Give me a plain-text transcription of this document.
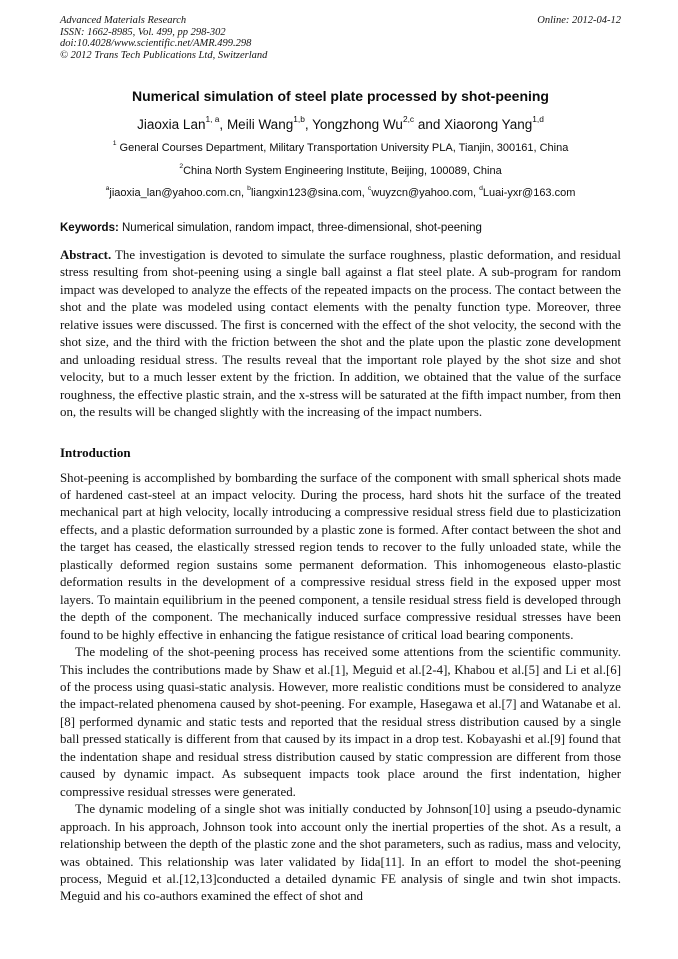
Advanced Materials Research
ISSN: 1662-8985, Vol. 499, pp 298-302
doi:10.4028/www.scientific.net/AMR.499.298
© 2012 Trans Tech Publications Ltd, Switzerland
Online: 2012-04-12
Numerical simulation of steel plate processed by shot-peening
Jiaoxia Lan$^{1, a}$, Meili Wang$^{1,b}$, Yongzhong Wu$^{2,c}$ and Xiaorong Yang$^{1,d}$
$^1$ General Courses Department, Military Transportation University PLA, Tianjin, 300161, China
$^2$China North System Engineering Institute, Beijing, 100089, China
$^a$jiaoxia_lan@yahoo.com.cn, $^b$liangxin123@sina.com, $^c$wuyzcn@yahoo.com, $^d$Luai-yxr@163.com
Keywords: Numerical simulation, random impact, three-dimensional, shot-peening

Abstract. The investigation is devoted to simulate the surface roughness, plastic deformation, and residual stress resulting from shot-peening using a single ball against a flat steel plate. A sub-program for random impact was developed to analyze the effects of the repeated impacts on the process. The contact between the shot and the plate was modeled using contact elements with the penalty function type. Moreover, three relative issues were discussed. The first is concerned with the effect of the shot velocity, the second with the shot size, and the third with the friction between the shot and the plate upon the plastic zone development and unloading residual stress. The results reveal that the important role played by the shot size and shot velocity, but to a much lesser extent by the friction. In addition, we obtained that the value of the surface roughness, the effective plastic strain, and the x-stress will be saturated at the fifth impact number, from then on, the results will be changed slightly with the increasing of the impact numbers.

Introduction

Shot-peening is accomplished by bombarding the surface of the component with small spherical shots made of hardened cast-steel at an impact velocity. During the process, hard shots hit the surface of the treated mechanical part at high velocity, locally introducing a compressive residual stress field due to plasticization effects, and a plastic deformation surrounded by a plastic zone is formed. After contact between the shot and the target has ceased, the elastically stressed region tends to recover to the fully unloaded state, while the plastically deformed region sustains some permanent deformation. This inhomogeneous elasto-plastic deformation results in the development of a compressive residual stress field in the exposed upper most layers. To maintain equilibrium in the peened component, a tensile residual stress field is developed through the depth of the component. The mechanically induced surface compressive residual stresses have been found to be highly effective in enhancing the fatigue resistance of critical load bearing components.

The modeling of the shot-peening process has received some attentions from the scientific community. This includes the contributions made by Shaw et al.[1], Meguid et al.[2-4], Khabou et al.[5] and Li et al.[6] of the process using quasi-static analysis. However, more realistic conditions must be considered to analyze the impact-related phenomena caused by shot-peening. For example, Hasegawa et al.[7] and Watanabe et al.[8] performed dynamic and static tests and reported that the residual stress distribution caused by a single ball pressed statically is different from that caused by its impact in a drop test. Kobayashi et al.[9] found that the indentation shape and residual stress distribution caused by static compression are different from those caused by dynamic impact. As subsequent impacts took place around the first indentation, higher compressive residual stresses were generated.

The dynamic modeling of a single shot was initially conducted by Johnson[10] using a pseudo-dynamic approach. In his approach, Johnson took into account only the inertial properties of the shot. As a result, a relationship between the depth of the plastic zone and the shot parameters, such as radius, mass and velocity, was obtained. This relationship was later validated by Iida[11]. In an effort to model the shot-peening process, Meguid et al.[12,13]conducted a detailed dynamic FE analysis of single and twin shot impacts. Meguid and his co-authors examined the effect of shot and
